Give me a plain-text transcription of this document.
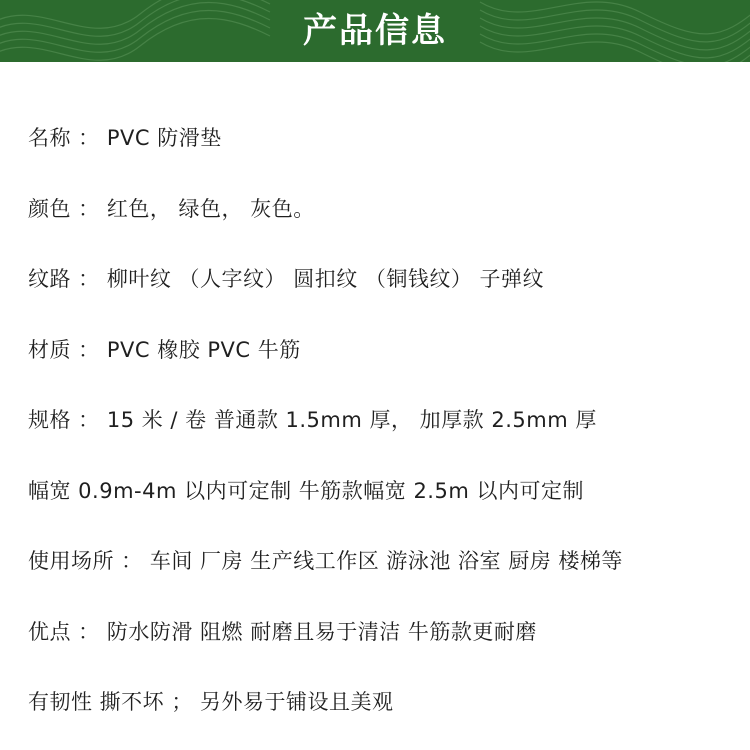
产品信息
名称 ： PVC 防滑垫
颜色 ： 红色， 绿色， 灰色。
纹路 ： 柳叶纹 （人字纹） 圆扣纹 （铜钱纹） 子弹纹
材质 ： PVC 橡胶 PVC 牛筋
规格 ： 15 米 / 卷 普通款 1.5mm 厚， 加厚款 2.5mm 厚
幅宽 0.9m-4m 以内可定制 牛筋款幅宽 2.5m 以内可定制
使用场所 ： 车间 厂房 生产线工作区 游泳池 浴室 厨房 楼梯等
优点 ： 防水防滑 阻燃 耐磨且易于清洁 牛筋款更耐磨
有韧性 撕不坏 ； 另外易于铺设且美观
